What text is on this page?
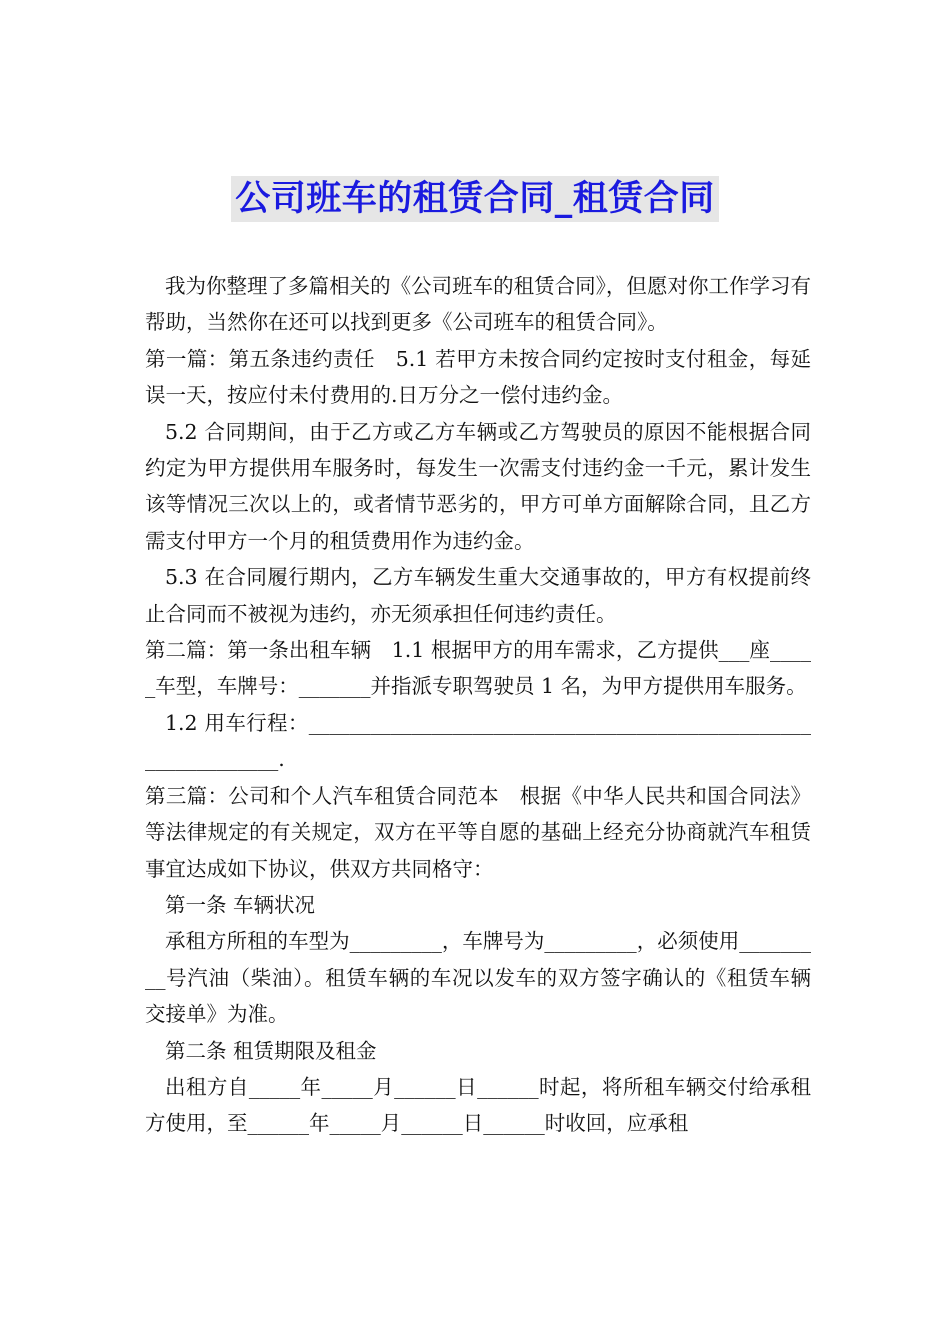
公司班车的租赁合同_租赁合同

我为你整理了多篇相关的《公司班车的租赁合同》，但愿对你工作学习有帮助，当然你在还可以找到更多《公司班车的租赁合同》。

第一篇：第五条违约责任　5.1 若甲方未按合同约定按时支付租金，每延误一天，按应付未付费用的.日万分之一偿付违约金。

5.2 合同期间，由于乙方或乙方车辆或乙方驾驶员的原因不能根据合同约定为甲方提供用车服务时，每发生一次需支付违约金一千元，累计发生该等情况三次以上的，或者情节恶劣的，甲方可单方面解除合同，且乙方需支付甲方一个月的租赁费用作为违约金。

5.3 在合同履行期内，乙方车辆发生重大交通事故的，甲方有权提前终止合同而不被视为违约，亦无须承担任何违约责任。

第二篇：第一条出租车辆　1.1 根据甲方的用车需求，乙方提供___座_____车型，车牌号：_______并指派专职驾驶员 1 名，为甲方提供用车服务。

1.2 用车行程：______________________________________________________________.

第三篇：公司和个人汽车租赁合同范本　根据《中华人民共和国合同法》等法律规定的有关规定，双方在平等自愿的基础上经充分协商就汽车租赁事宜达成如下协议，供双方共同格守：

第一条 车辆状况

承租方所租的车型为_________，车牌号为_________，必须使用_________号汽油（柴油）。租赁车辆的车况以发车的双方签字确认的《租赁车辆交接单》为准。

第二条 租赁期限及租金

出租方自_____年_____月______日______时起，将所租车辆交付给承租方使用，至______年_____月______日______时收回，应承租
